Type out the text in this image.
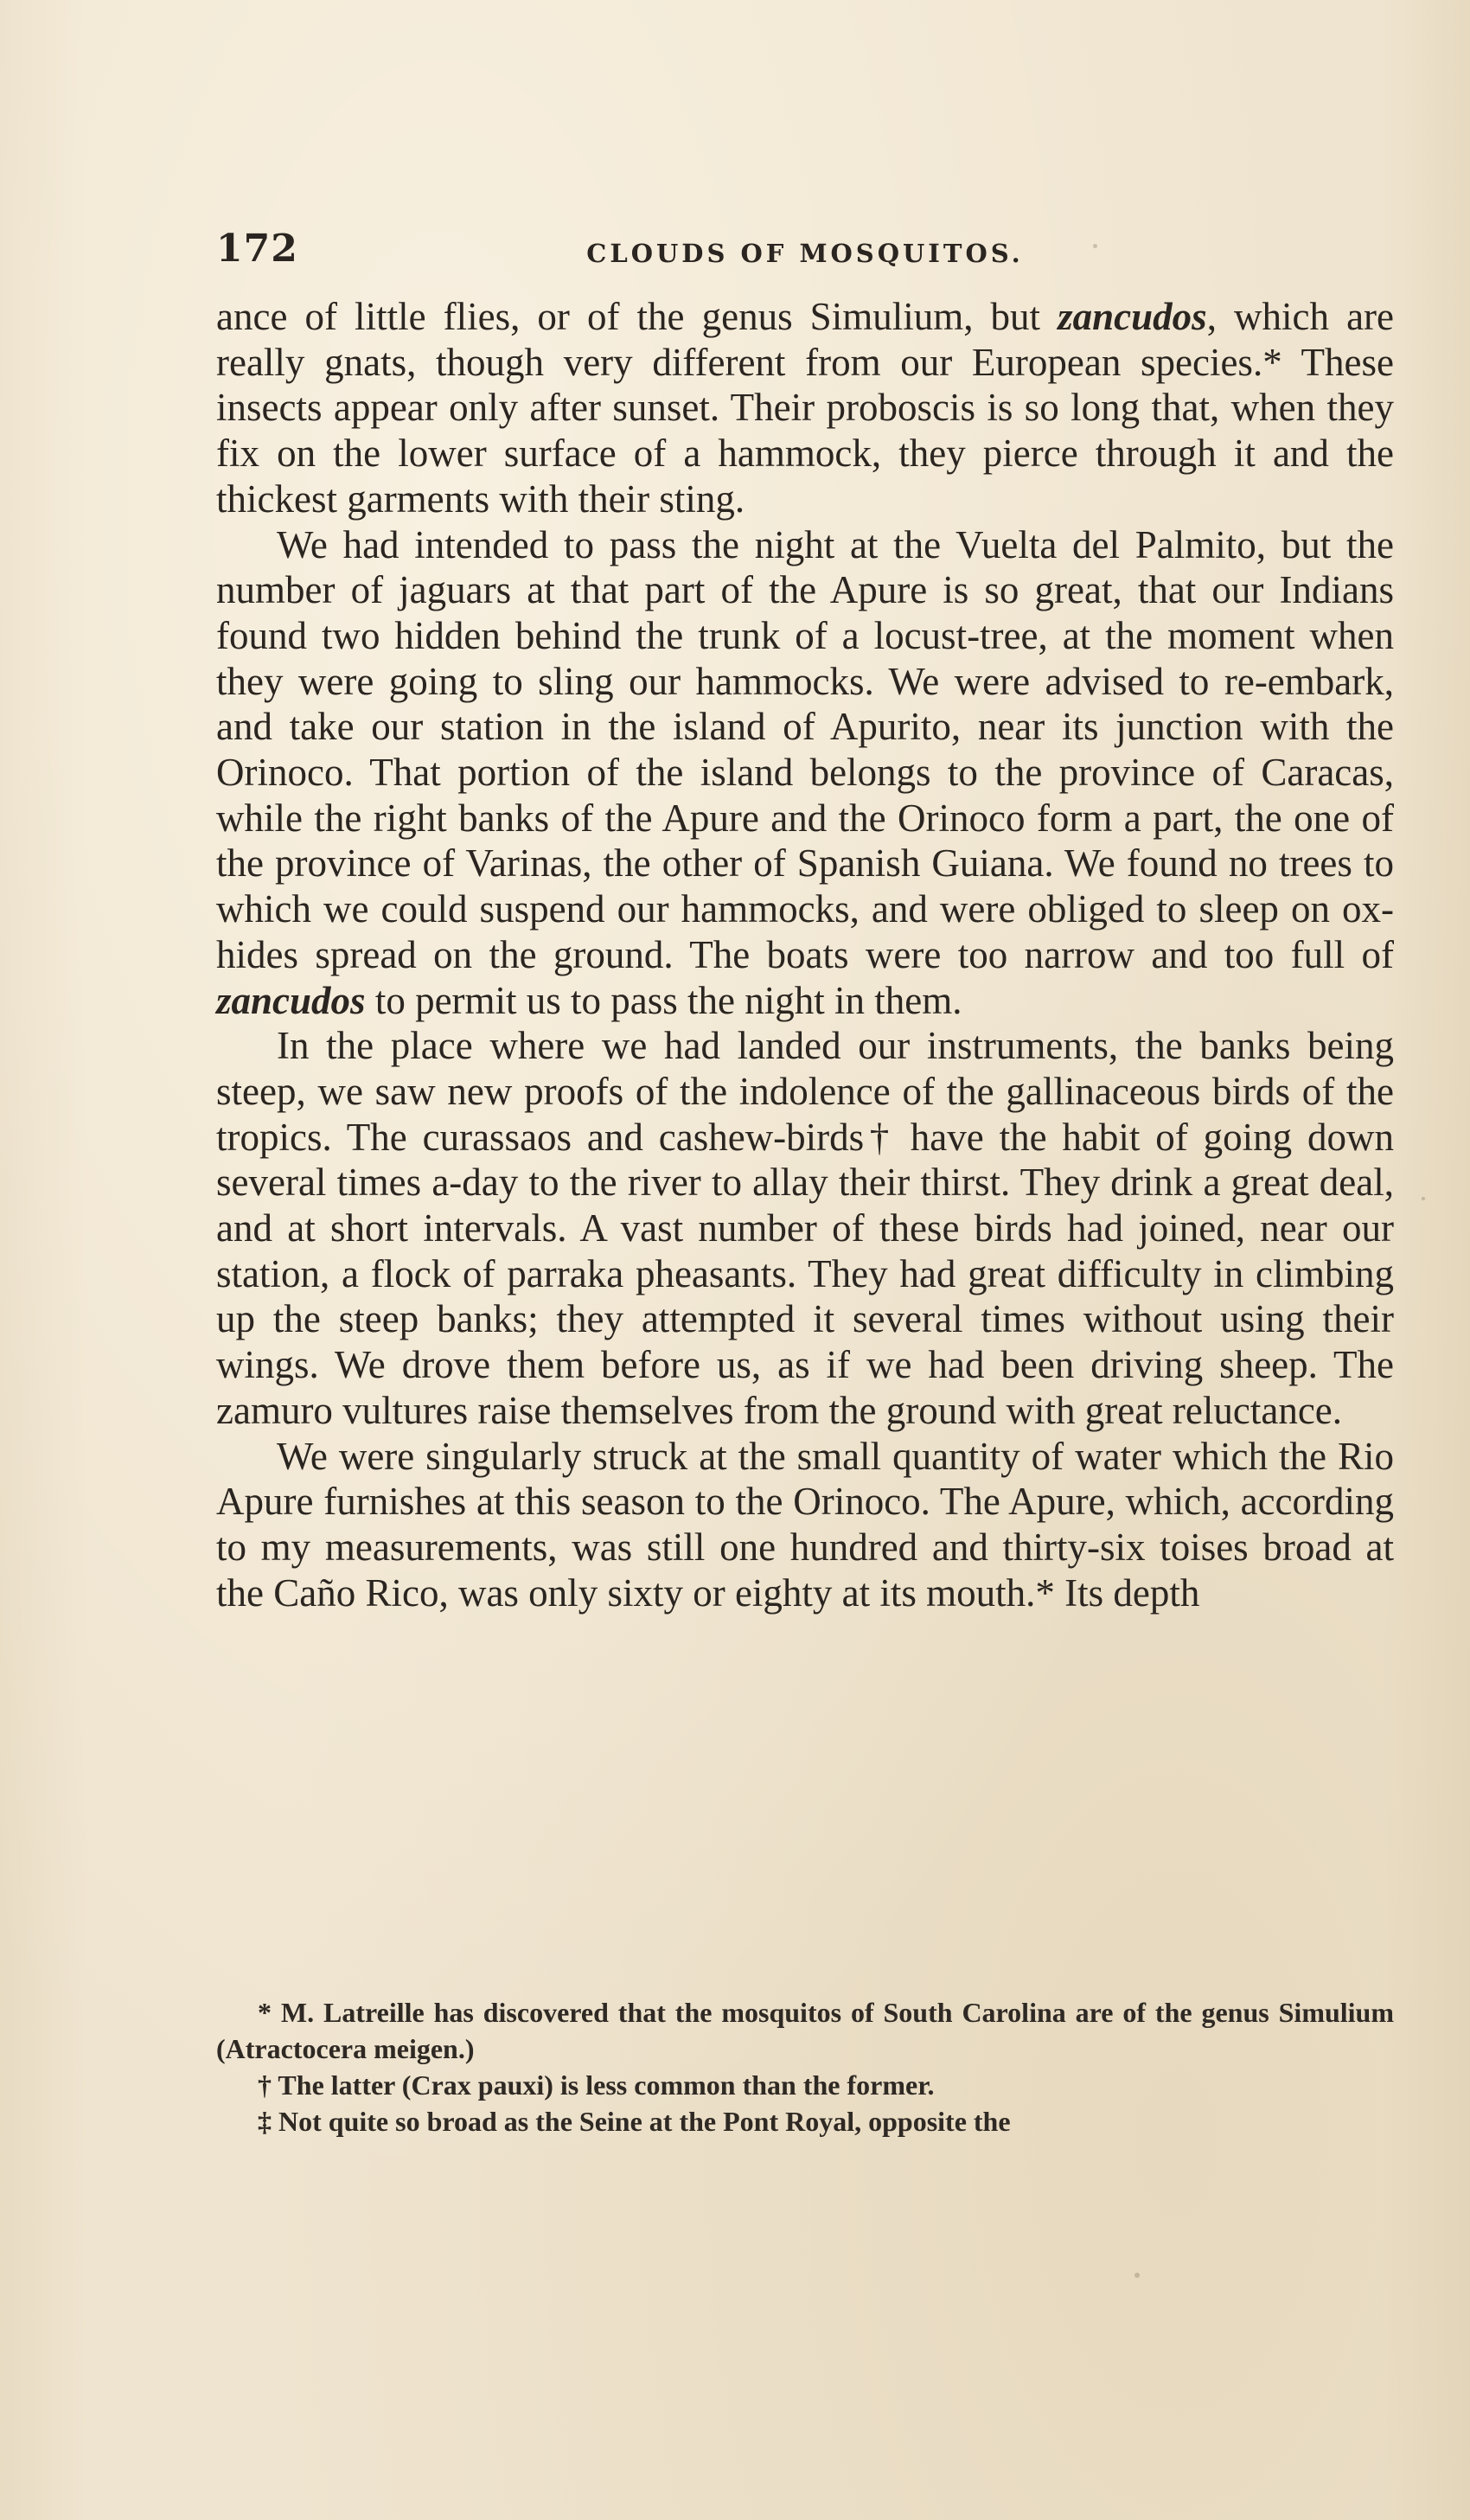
172	CLOUDS OF MOSQUITOS.

ance of little flies, or of the genus Simulium, but zancudos, which are really gnats, though very different from our European species.* These insects appear only after sunset. Their proboscis is so long that, when they fix on the lower surface of a hammock, they pierce through it and the thickest garments with their sting.

We had intended to pass the night at the Vuelta del Palmito, but the number of jaguars at that part of the Apure is so great, that our Indians found two hidden behind the trunk of a locust-tree, at the moment when they were going to sling our hammocks. We were advised to re-embark, and take our station in the island of Apurito, near its junction with the Orinoco. That portion of the island belongs to the province of Caracas, while the right banks of the Apure and the Orinoco form a part, the one of the province of Varinas, the other of Spanish Guiana. We found no trees to which we could suspend our hammocks, and were obliged to sleep on ox-hides spread on the ground. The boats were too narrow and too full of zancudos to permit us to pass the night in them.

In the place where we had landed our instruments, the banks being steep, we saw new proofs of the indolence of the gallinaceous birds of the tropics. The curassaos and cashew-birds† have the habit of going down several times a-day to the river to allay their thirst. They drink a great deal, and at short intervals. A vast number of these birds had joined, near our station, a flock of parraka pheasants. They had great difficulty in climbing up the steep banks; they attempted it several times without using their wings. We drove them before us, as if we had been driving sheep. The zamuro vultures raise themselves from the ground with great reluctance.

We were singularly struck at the small quantity of water which the Rio Apure furnishes at this season to the Orinoco. The Apure, which, according to my measurements, was still one hundred and thirty-six toises broad at the Caño Rico, was only sixty or eighty at its mouth.* Its depth

* M. Latreille has discovered that the mosquitos of South Carolina are of the genus Simulium (Atractocera meigen.)

† The latter (Crax pauxi) is less common than the former.

‡ Not quite so broad as the Seine at the Pont Royal, opposite the
